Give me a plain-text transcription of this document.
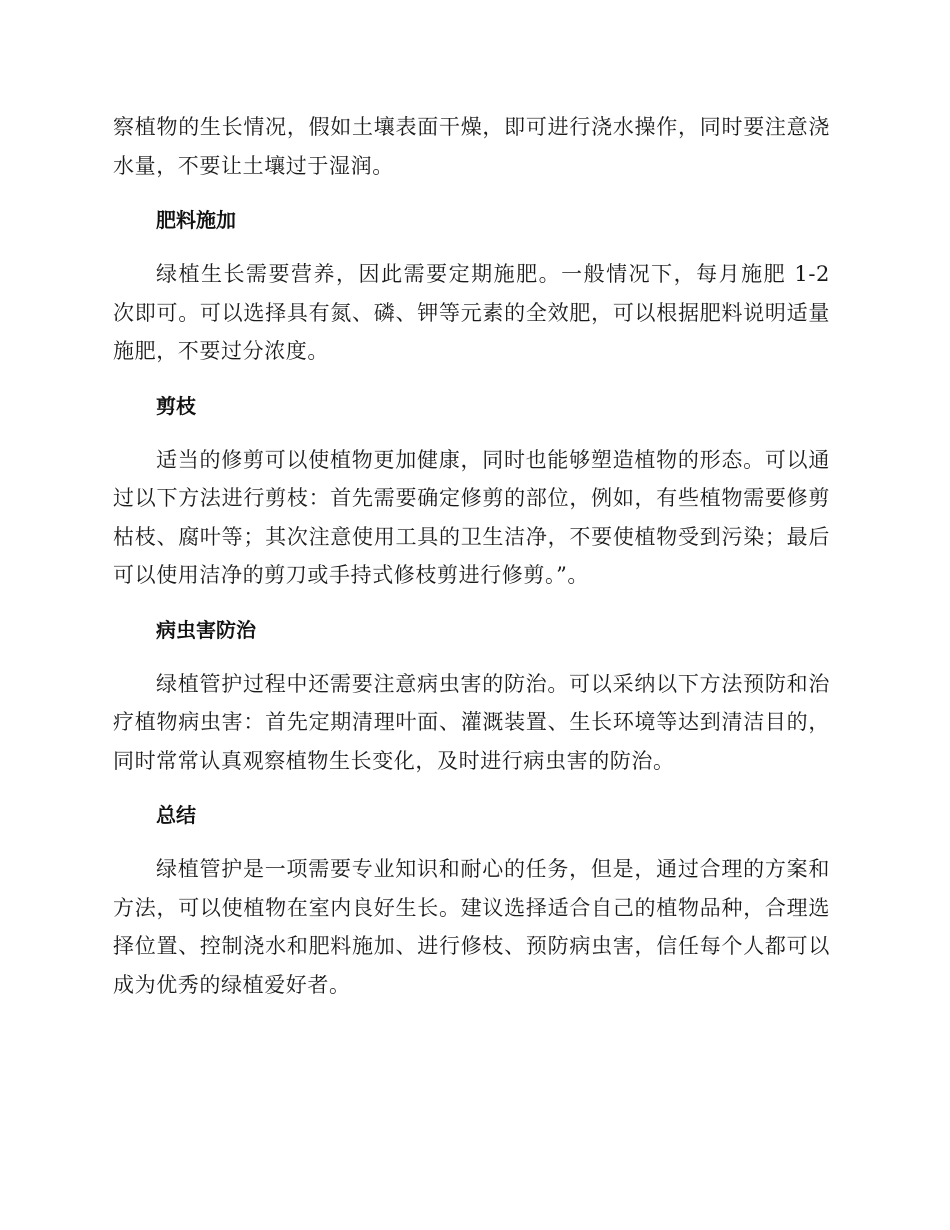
察植物的生长情况，假如土壤表面干燥，即可进行浇水操作，同时要注意浇水量，不要让土壤过于湿润。

肥料施加

绿植生长需要营养，因此需要定期施肥。一般情况下，每月施肥 1-2 次即可。可以选择具有氮、磷、钾等元素的全效肥，可以根据肥料说明适量施肥，不要过分浓度。

剪枝

适当的修剪可以使植物更加健康，同时也能够塑造植物的形态。可以通过以下方法进行剪枝：首先需要确定修剪的部位，例如，有些植物需要修剪枯枝、腐叶等；其次注意使用工具的卫生洁净，不要使植物受到污染；最后可以使用洁净的剪刀或手持式修枝剪进行修剪。”。

病虫害防治

绿植管护过程中还需要注意病虫害的防治。可以采纳以下方法预防和治疗植物病虫害：首先定期清理叶面、灌溉装置、生长环境等达到清洁目的，同时常常认真观察植物生长变化，及时进行病虫害的防治。

总结

绿植管护是一项需要专业知识和耐心的任务，但是，通过合理的方案和方法，可以使植物在室内良好生长。建议选择适合自己的植物品种，合理选择位置、控制浇水和肥料施加、进行修枝、预防病虫害，信任每个人都可以成为优秀的绿植爱好者。
